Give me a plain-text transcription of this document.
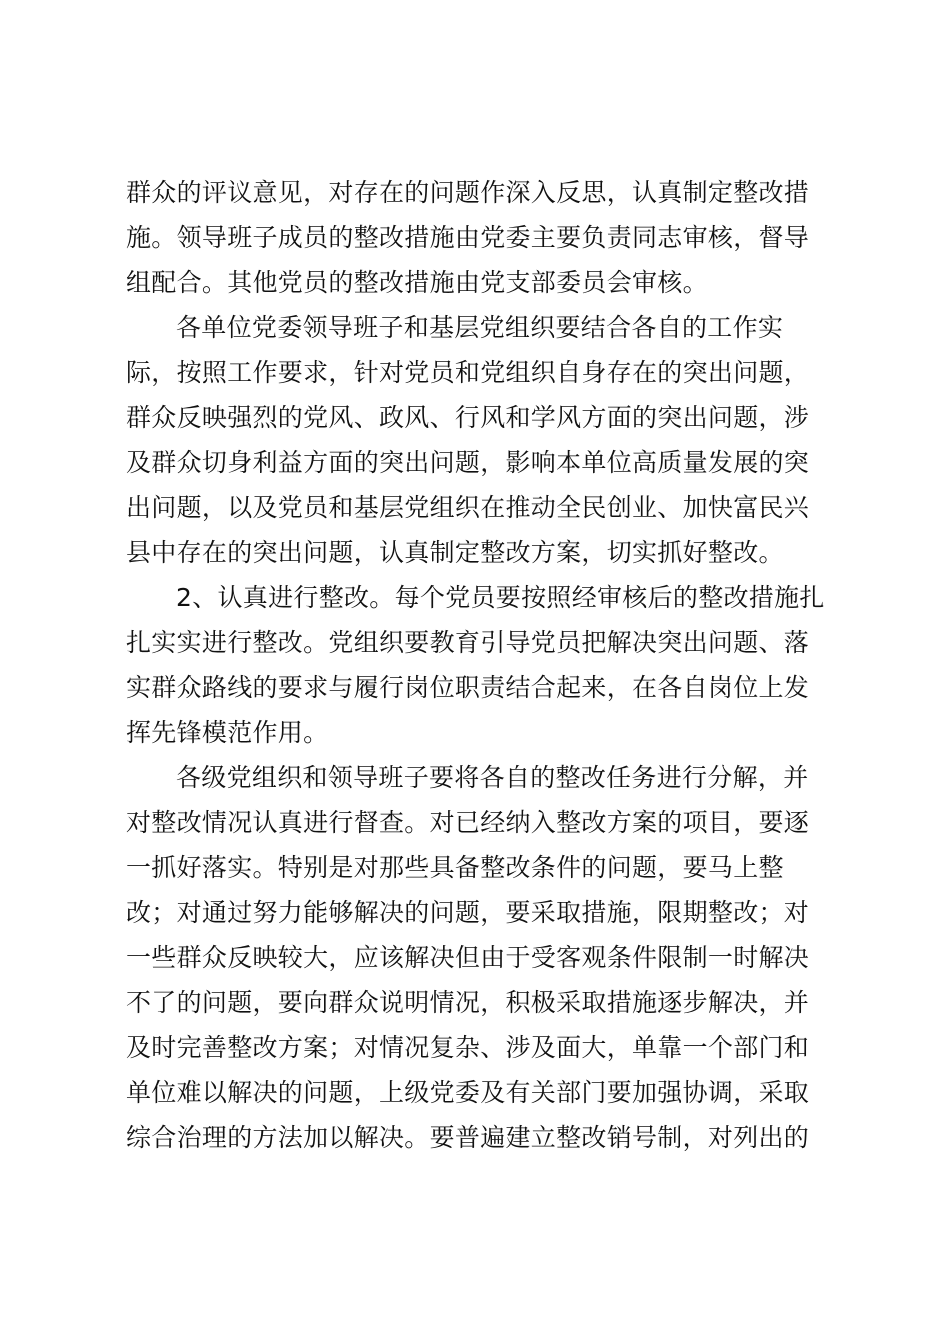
群众的评议意见，对存在的问题作深入反思，认真制定整改措
施。领导班子成员的整改措施由党委主要负责同志审核，督导
组配合。其他党员的整改措施由党支部委员会审核。
各单位党委领导班子和基层党组织要结合各自的工作实
际，按照工作要求，针对党员和党组织自身存在的突出问题，
群众反映强烈的党风、政风、行风和学风方面的突出问题，涉
及群众切身利益方面的突出问题，影响本单位高质量发展的突
出问题，以及党员和基层党组织在推动全民创业、加快富民兴
县中存在的突出问题，认真制定整改方案，切实抓好整改。
2、认真进行整改。每个党员要按照经审核后的整改措施扎
扎实实进行整改。党组织要教育引导党员把解决突出问题、落
实群众路线的要求与履行岗位职责结合起来，在各自岗位上发
挥先锋模范作用。
各级党组织和领导班子要将各自的整改任务进行分解，并
对整改情况认真进行督查。对已经纳入整改方案的项目，要逐
一抓好落实。特别是对那些具备整改条件的问题，要马上整
改；对通过努力能够解决的问题，要采取措施，限期整改；对
一些群众反映较大，应该解决但由于受客观条件限制一时解决
不了的问题，要向群众说明情况，积极采取措施逐步解决，并
及时完善整改方案；对情况复杂、涉及面大，单靠一个部门和
单位难以解决的问题，上级党委及有关部门要加强协调，采取
综合治理的方法加以解决。要普遍建立整改销号制，对列出的
